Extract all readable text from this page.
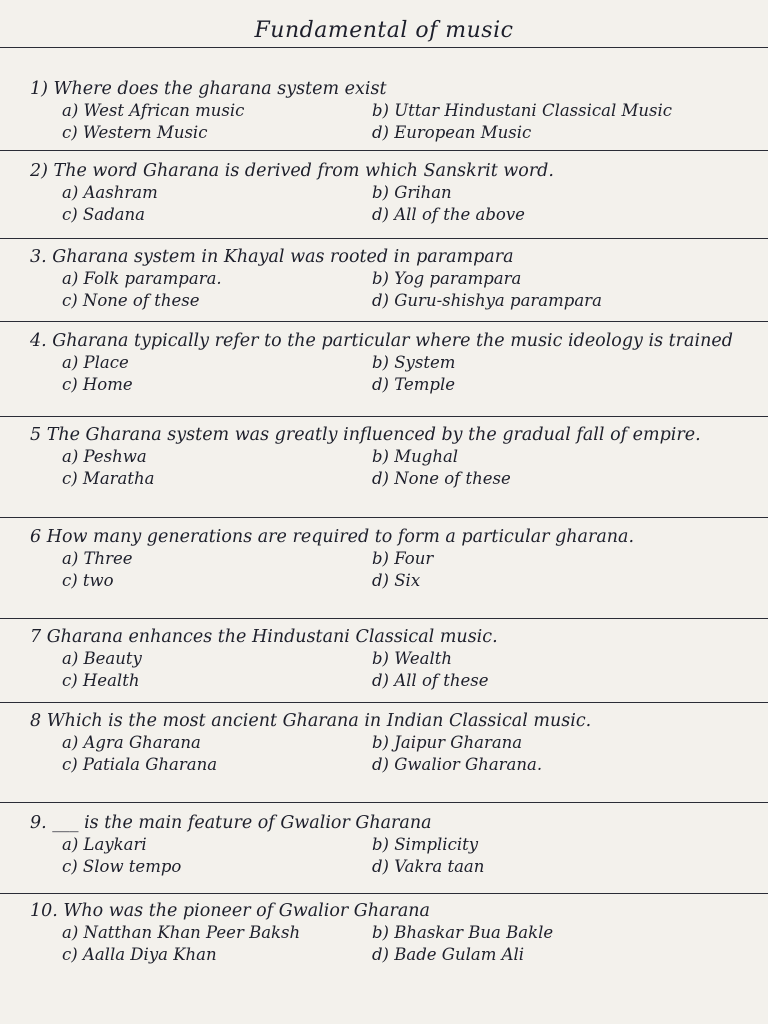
Fundamental of music

1) Where does the gharana system exist

a) West African music	b) Uttar Hindustani Classical Music
c) Western Music	d) European Music

2) The word Gharana is derived from which Sanskrit word.

a) Aashram	b) Grihan
c) Sadana	d) All of the above

3. Gharana system in Khayal was rooted in parampara

a) Folk parampara.	b) Yog parampara
c) None of these	d) Guru-shishya parampara

4. Gharana typically refer to the particular where the music ideology is trained

a) Place	b) System
c) Home	d) Temple

5 The Gharana system was greatly influenced by the gradual fall of empire.

a) Peshwa	b) Mughal
c) Maratha	d) None of these

6 How many generations are required to form a particular gharana.

a) Three	b) Four
c) two	d) Six

7 Gharana enhances the Hindustani Classical music.

a) Beauty	b) Wealth
c) Health	d) All of these

8 Which is the most ancient Gharana in Indian Classical music.

a) Agra Gharana	b) Jaipur Gharana
c) Patiala Gharana	d) Gwalior Gharana.

9. ___ is the main feature of Gwalior Gharana

a) Laykari	b) Simplicity
c) Slow tempo	d) Vakra taan

10. Who was the pioneer of Gwalior Gharana

a) Natthan Khan Peer Baksh	b) Bhaskar Bua Bakle
c) Aalla Diya Khan	d) Bade Gulam Ali
